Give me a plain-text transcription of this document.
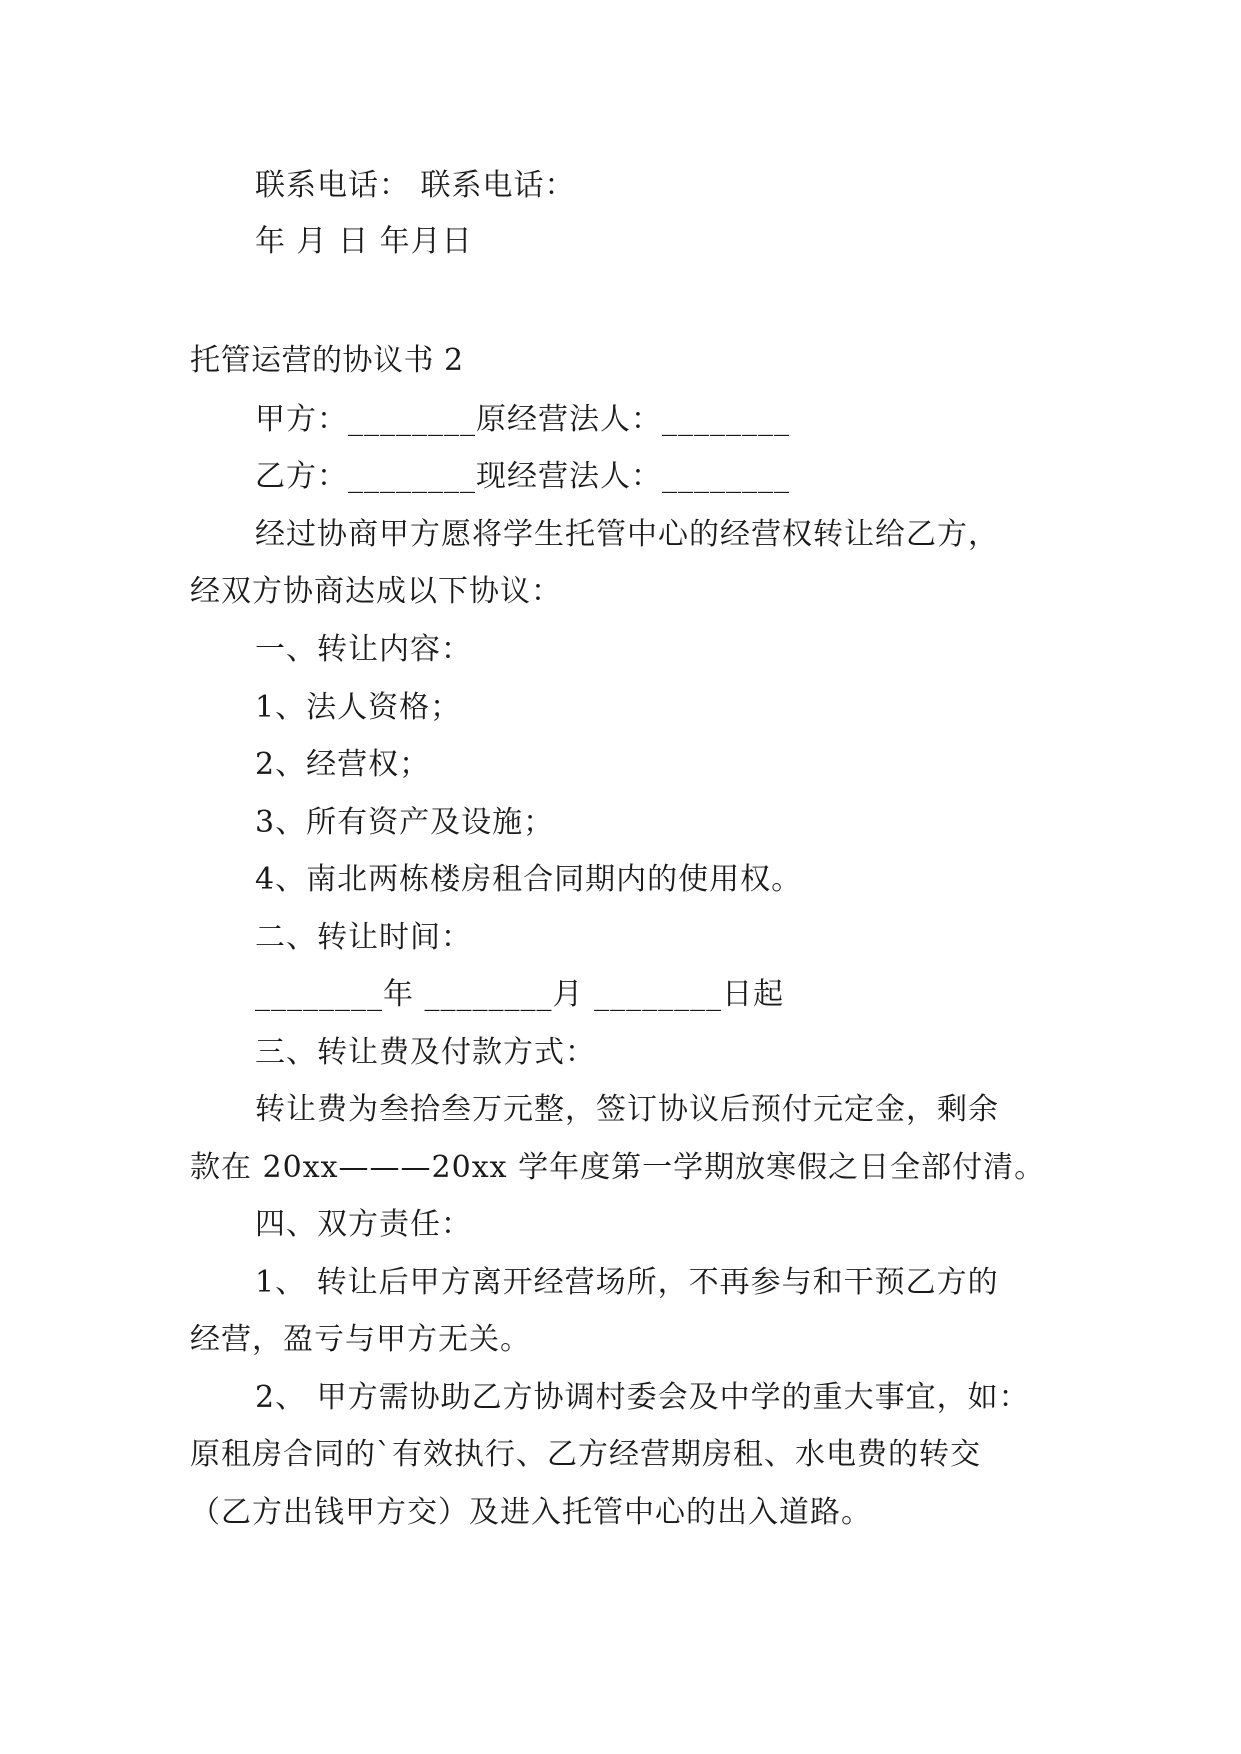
联系电话： 联系电话：
年 月 日 年月日
托管运营的协议书 2
甲方：________原经营法人：________
乙方：________现经营法人：________
经过协商甲方愿将学生托管中心的经营权转让给乙方，
经双方协商达成以下协议：
一、转让内容：
1、法人资格；
2、经营权；
3、所有资产及设施；
4、南北两栋楼房租合同期内的使用权。
二、转让时间：
________年 ________月 ________日起
三、转让费及付款方式：
转让费为叁拾叁万元整，签订协议后预付元定金，剩余
款在 20xx———20xx 学年度第一学期放寒假之日全部付清。
四、双方责任：
1、 转让后甲方离开经营场所，不再参与和干预乙方的
经营，盈亏与甲方无关。
2、 甲方需协助乙方协调村委会及中学的重大事宜，如：
原租房合同的`有效执行、乙方经营期房租、水电费的转交
（乙方出钱甲方交）及进入托管中心的出入道路。
